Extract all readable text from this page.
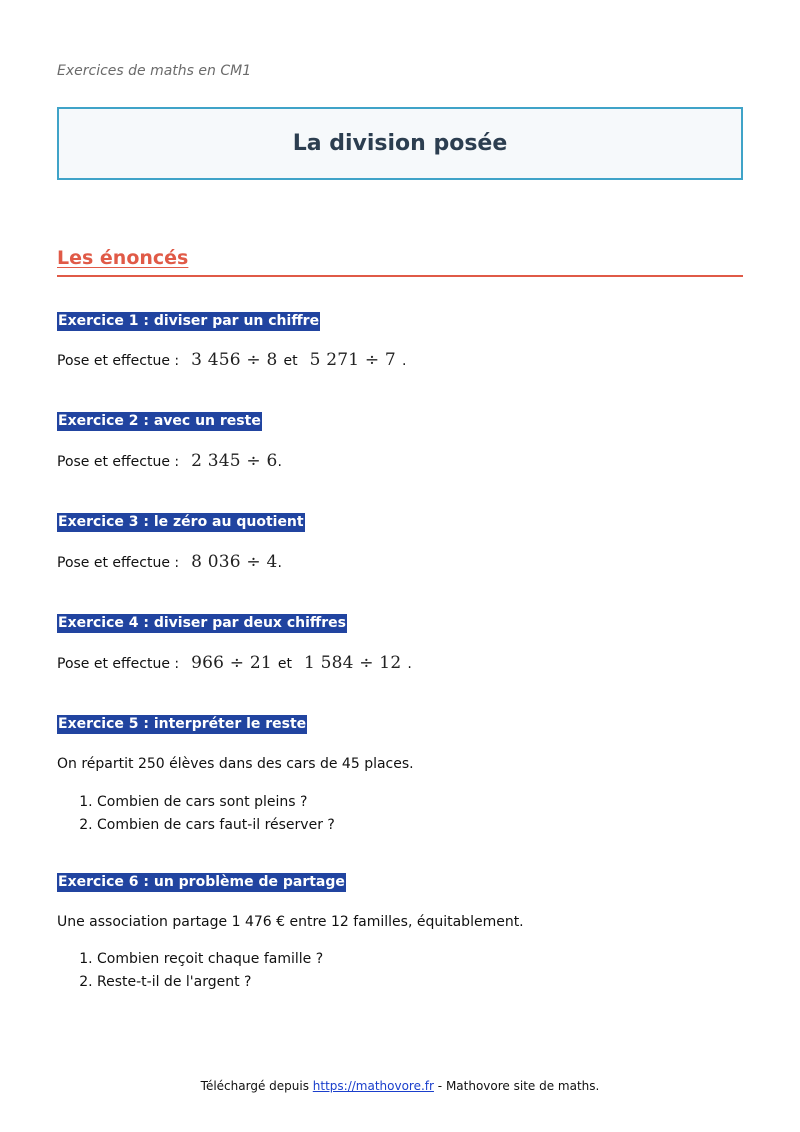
Exercices de maths en CM1
La division posée
Les énoncés
Exercice 1 : diviser par un chiffre
Pose et effectue : 3 456 ÷ 8 et 5 271 ÷ 7 .
Exercice 2 : avec un reste
Pose et effectue : 2 345 ÷ 6.
Exercice 3 : le zéro au quotient
Pose et effectue : 8 036 ÷ 4.
Exercice 4 : diviser par deux chiffres
Pose et effectue : 966 ÷ 21 et 1 584 ÷ 12 .
Exercice 5 : interpréter le reste
On répartit 250 élèves dans des cars de 45 places.
1. Combien de cars sont pleins ?
2. Combien de cars faut-il réserver ?
Exercice 6 : un problème de partage
Une association partage 1 476 € entre 12 familles, équitablement.
1. Combien reçoit chaque famille ?
2. Reste-t-il de l'argent ?
Téléchargé depuis https://mathovore.fr - Mathovore site de maths.
